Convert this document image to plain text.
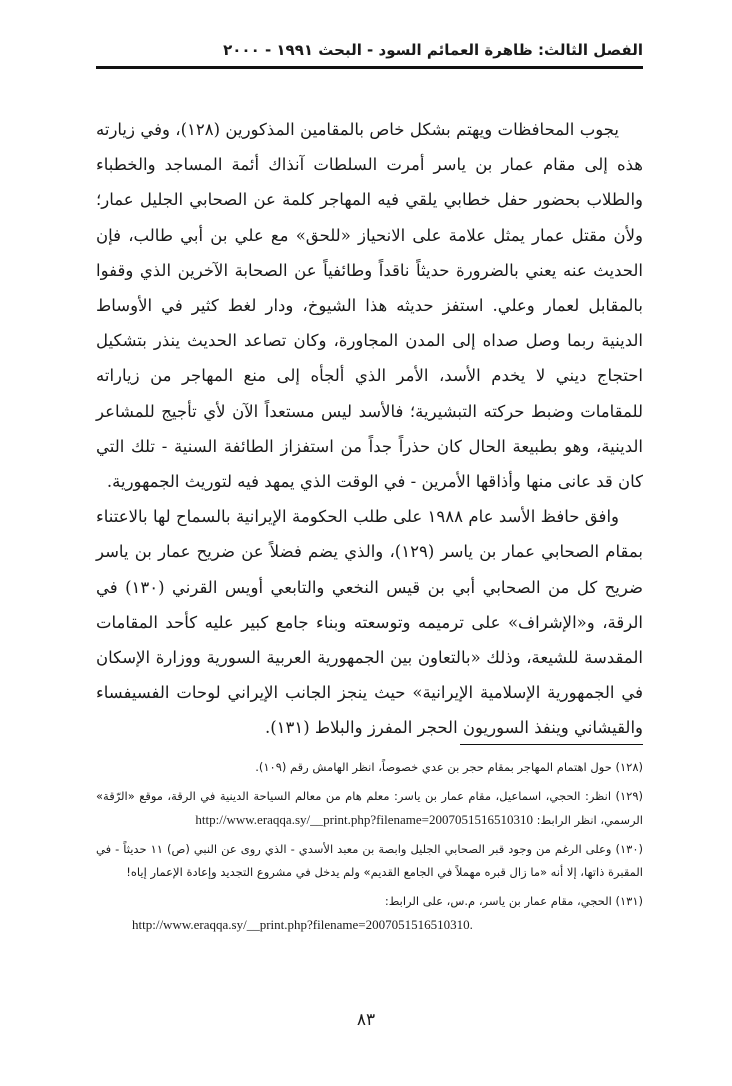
الفصل الثالث: ظاهرة العمائم السود - البحث ١٩٩١ - ٢٠٠٠

يجوب المحافظات ويهتم بشكل خاص بالمقامين المذكورين (١٢٨)، وفي زيارته هذه إلى مقام عمار بن ياسر أمرت السلطات آنذاك أئمة المساجد والخطباء والطلاب بحضور حفل خطابي يلقي فيه المهاجر كلمة عن الصحابي الجليل عمار؛ ولأن مقتل عمار يمثل علامة على الانحياز «للحق» مع علي بن أبي طالب، فإن الحديث عنه يعني بالضرورة حديثاً ناقداً وطائفياً عن الصحابة الآخرين الذي وقفوا بالمقابل لعمار وعلي. استفز حديثه هذا الشيوخ، ودار لغط كثير في الأوساط الدينية ربما وصل صداه إلى المدن المجاورة، وكان تصاعد الحديث ينذر بتشكيل احتجاج ديني لا يخدم الأسد، الأمر الذي ألجأه إلى منع المهاجر من زياراته للمقامات وضبط حركته التبشيرية؛ فالأسد ليس مستعداً الآن لأي تأجيج للمشاعر الدينية، وهو بطبيعة الحال كان حذراً جداً من استفزاز الطائفة السنية - تلك التي كان قد عانى منها وأذاقها الأمرين - في الوقت الذي يمهد فيه لتوريث الجمهورية.

وافق حافظ الأسد عام ١٩٨٨ على طلب الحكومة الإيرانية بالسماح لها بالاعتناء بمقام الصحابي عمار بن ياسر (١٢٩)، والذي يضم فضلاً عن ضريح عمار بن ياسر ضريح كل من الصحابي أبي بن قيس النخعي والتابعي أويس القرني (١٣٠) في الرقة، و«الإشراف» على ترميمه وتوسعته وبناء جامع كبير عليه كأحد المقامات المقدسة للشيعة، وذلك «بالتعاون بين الجمهورية العربية السورية ووزارة الإسكان في الجمهورية الإسلامية الإيرانية» حيث ينجز الجانب الإيراني لوحات الفسيفساء والقيشاني وينفذ السوريون الحجر المفرز والبلاط (١٣١).

(١٢٨) حول اهتمام المهاجر بمقام حجر بن عدي خصوصاً، انظر الهامش رقم (١٠٩).

(١٢٩) انظر: الحجي، اسماعيل، مقام عمار بن ياسر: معلم هام من معالم السياحة الدينية في الرقة، موقع «الرّقة» الرسمي، انظر الرابط: http://www.eraqqa.sy/__print.php?filename=2007051516510310

(١٣٠) وعلى الرغم من وجود قبر الصحابي الجليل وابصة بن معبد الأسدي - الذي روى عن النبي (ص) ١١ حديثاً - في المقبرة ذاتها، إلا أنه «ما زال قبره مهملاً في الجامع القديم» ولم يدخل في مشروع التجديد وإعادة الإعمار إياه!

(١٣١) الحجي، مقام عمار بن ياسر، م.س، على الرابط:
http://www.eraqqa.sy/__print.php?filename=2007051516510310.

٨٣
